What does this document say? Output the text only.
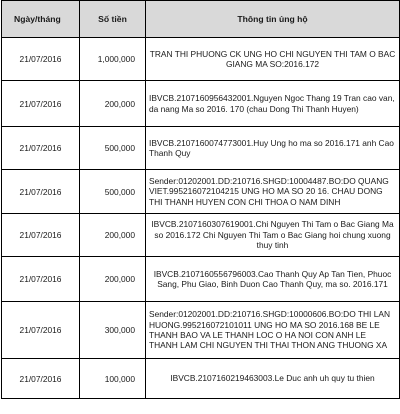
Ngày/tháng	Số tiền	Thông tin ủng hộ
21/07/2016	1,000,000	TRAN THI PHUONG CK UNG HO CHI NGUYEN THI TAM O BAC
GIANG MA SO:2016.172

21/07/2016	200,000	IBVCB.2107160956432001.Nguyen Ngoc Thang 19 Tran cao van,
da nang Ma so 2016. 170 (chau Dong Thi Thanh Huyen)

21/07/2016	500,000	IBVCB.2107160074773001.Huy Ung ho ma so 2016.171 anh Cao
Thanh Quy

21/07/2016	500,000	Sender:01202001.DD:210716.SHGD:10004487.BO:DO QUANG
VIET.995216072104215 UNG HO MA SO 20 16. CHAU DONG
THI THANH HUYEN CON CHI THOA O NAM DINH

21/07/2016	200,000	IBVCB.2107160307619001.Chi Nguyen Thi Tam o Bac Giang Ma
so 2016.172 Chi Nguyen Thi Tam o Bac Giang hoi chung xuong
thuy tinh

21/07/2016	200,000	IBVCB.2107160556796003.Cao Thanh Quy Ap Tan Tien, Phuoc
Sang, Phu Giao, Binh Duon Cao Thanh Quy, ma so. 2016.171

21/07/2016	300,000	Sender:01202001.DD:210716.SHGD:10000606.BO:DO THI LAN
HUONG.995216072101011 UNG HO MA SO 2016.168 BE LE
THANH BAO VA LE THANH LOC O HA NOI CON ANH LE
THANH LAM CHI NGUYEN THI THAI THON ANG THUONG XA

21/07/2016	100,000	IBVCB.2107160219463003.Le Duc anh uh quy tu thien
